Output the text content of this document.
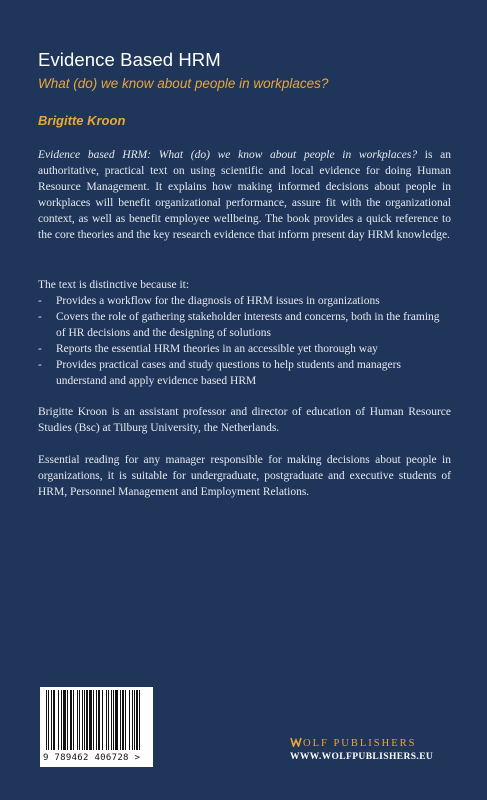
Evidence Based HRM
What (do) we know about people in workplaces?
Brigitte Kroon
Evidence based HRM: What (do) we know about people in workplaces? is an authoritative, practical text on using scientific and local evidence for doing Human Resource Management. It explains how making informed decisions about people in workplaces will benefit organizational performance, assure fit with the organizational context, as well as benefit employee wellbeing. The book provides a quick reference to the core theories and the key research evidence that inform present day HRM knowledge.
The text is distinctive because it:
- Provides a workflow for the diagnosis of HRM issues in organizations
- Covers the role of gathering stakeholder interests and concerns, both in the framing of HR decisions and the designing of solutions
- Reports the essential HRM theories in an accessible yet thorough way
- Provides practical cases and study questions to help students and managers understand and apply evidence based HRM
Brigitte Kroon is an assistant professor and director of education of Human Resource Studies (Bsc) at Tilburg University, the Netherlands.
Essential reading for any manager responsible for making decisions about people in organizations, it is suitable for undergraduate, postgraduate and executive students of HRM, Personnel Management and Employment Relations.
9 789462 406728 >
OLF PUBLISHERS
WWW.WOLFPUBLISHERS.EU
